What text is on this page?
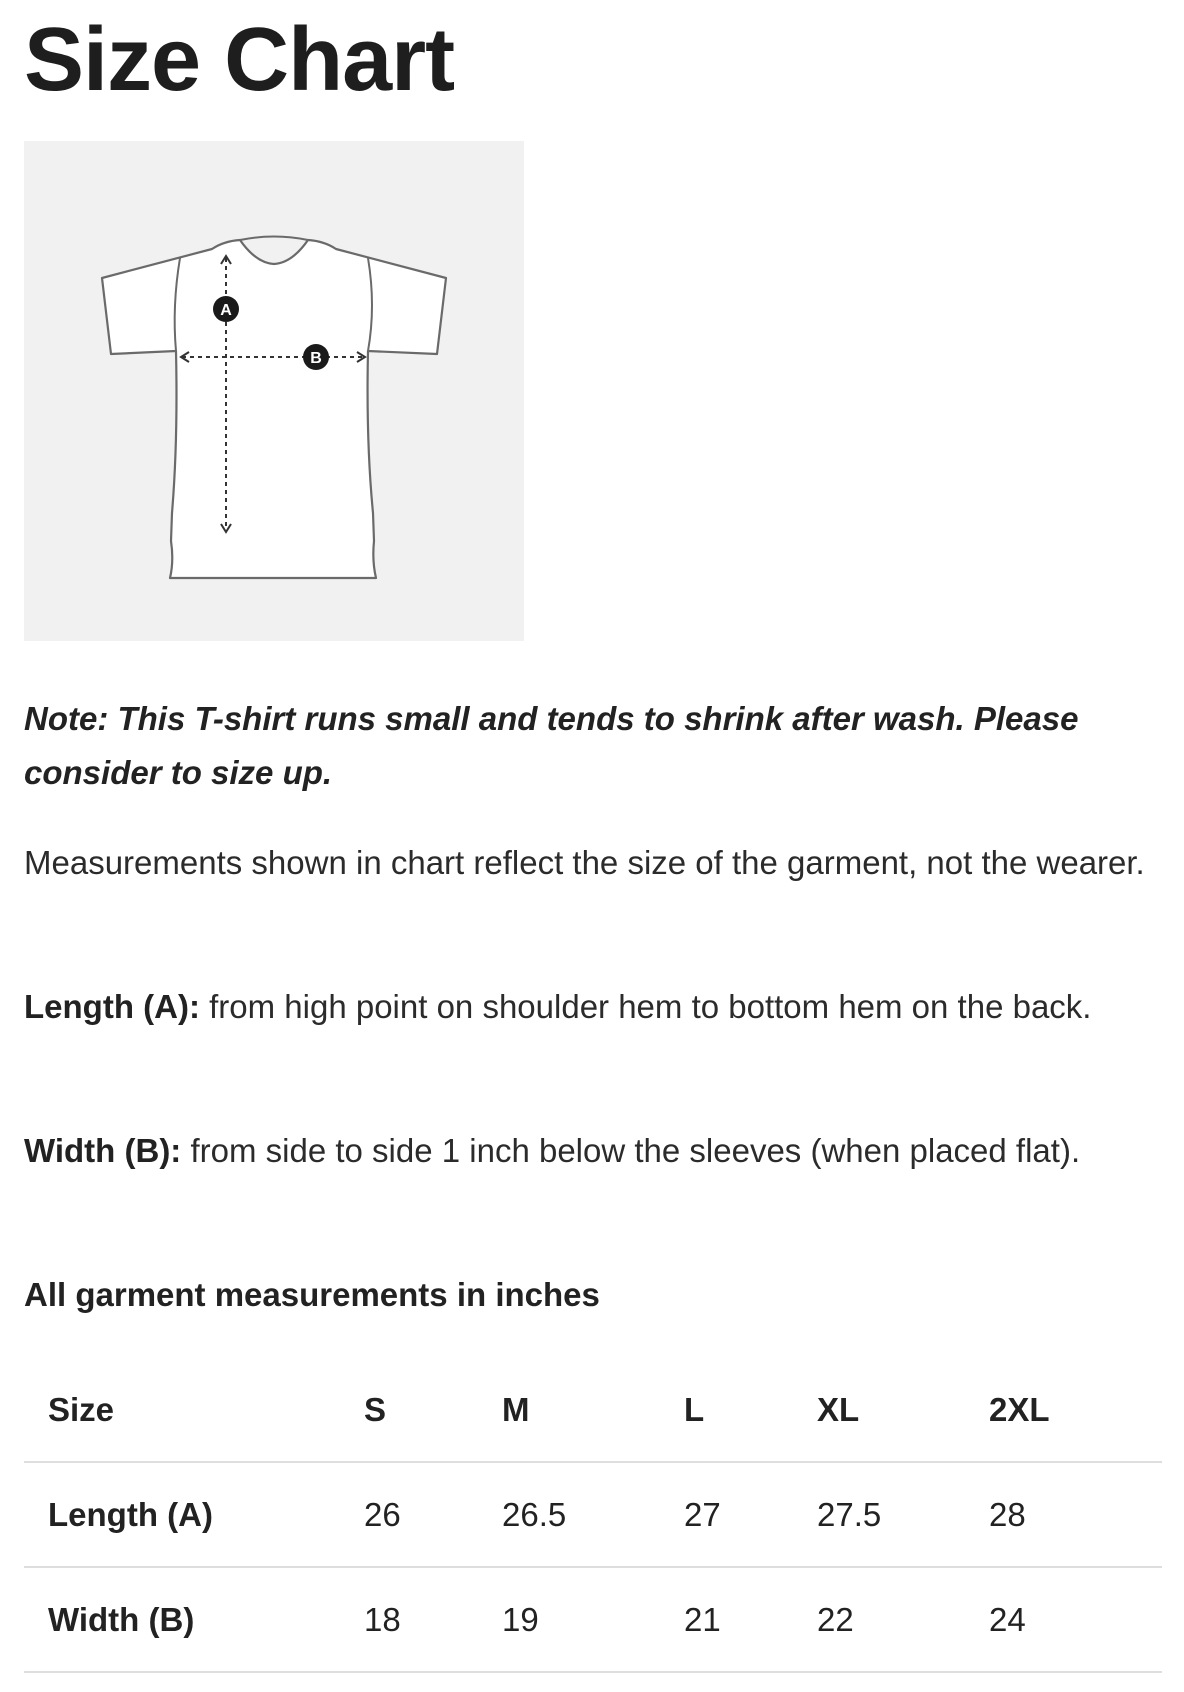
Size Chart
A
B

Note: This T-shirt runs small and tends to shrink after wash. Please consider to size up.

Measurements shown in chart reflect the size of the garment, not the wearer.

Length (A): from high point on shoulder hem to bottom hem on the back.

Width (B): from side to side 1 inch below the sleeves (when placed flat).

All garment measurements in inches

Size	S	M	L	XL	2XL
Length (A)	26	26.5	27	27.5	28
Width (B)	18	19	21	22	24
